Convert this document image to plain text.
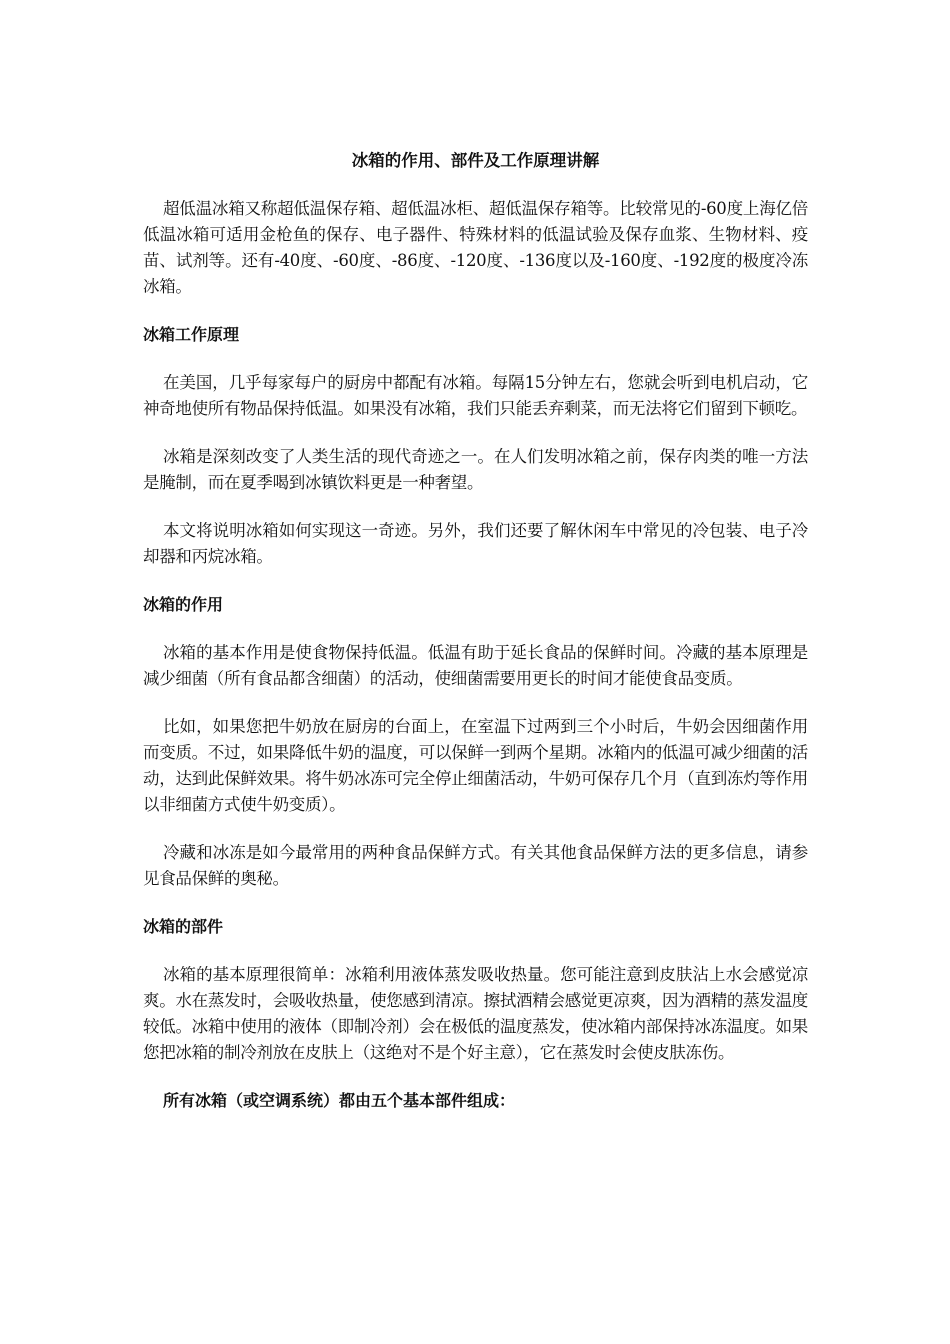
冰箱的作用、部件及工作原理讲解

超低温冰箱又称超低温保存箱、超低温冰柜、超低温保存箱等。比较常见的-60度上海亿倍低温冰箱可适用金枪鱼的保存、电子器件、特殊材料的低温试验及保存血浆、生物材料、疫苗、试剂等。还有-40度、-60度、-86度、-120度、-136度以及-160度、-192度的极度冷冻冰箱。

冰箱工作原理

在美国，几乎每家每户的厨房中都配有冰箱。每隔15分钟左右，您就会听到电机启动，它神奇地使所有物品保持低温。如果没有冰箱，我们只能丢弃剩菜，而无法将它们留到下顿吃。

冰箱是深刻改变了人类生活的现代奇迹之一。在人们发明冰箱之前，保存肉类的唯一方法是腌制，而在夏季喝到冰镇饮料更是一种奢望。

本文将说明冰箱如何实现这一奇迹。另外，我们还要了解休闲车中常见的冷包装、电子冷却器和丙烷冰箱。

冰箱的作用

冰箱的基本作用是使食物保持低温。低温有助于延长食品的保鲜时间。冷藏的基本原理是减少细菌（所有食品都含细菌）的活动，使细菌需要用更长的时间才能使食品变质。

比如，如果您把牛奶放在厨房的台面上，在室温下过两到三个小时后，牛奶会因细菌作用而变质。不过，如果降低牛奶的温度，可以保鲜一到两个星期。冰箱内的低温可减少细菌的活动，达到此保鲜效果。将牛奶冰冻可完全停止细菌活动，牛奶可保存几个月（直到冻灼等作用以非细菌方式使牛奶变质）。

冷藏和冰冻是如今最常用的两种食品保鲜方式。有关其他食品保鲜方法的更多信息，请参见食品保鲜的奥秘。

冰箱的部件

冰箱的基本原理很简单：冰箱利用液体蒸发吸收热量。您可能注意到皮肤沾上水会感觉凉爽。水在蒸发时，会吸收热量，使您感到清凉。擦拭酒精会感觉更凉爽，因为酒精的蒸发温度较低。冰箱中使用的液体（即制冷剂）会在极低的温度蒸发，使冰箱内部保持冰冻温度。如果您把冰箱的制冷剂放在皮肤上（这绝对不是个好主意），它在蒸发时会使皮肤冻伤。

所有冰箱（或空调系统）都由五个基本部件组成：
